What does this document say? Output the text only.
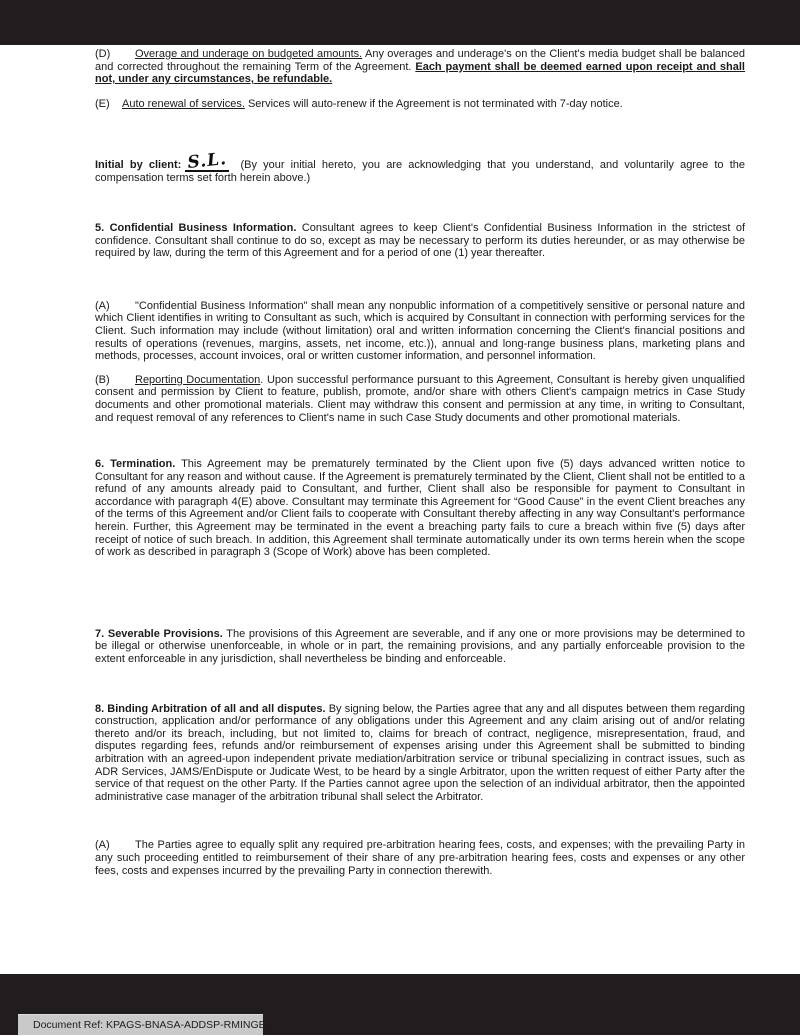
(D) Overage and underage on budgeted amounts. Any overages and underage's on the Client's media budget shall be balanced and corrected throughout the remaining Term of the Agreement. Each payment shall be deemed earned upon receipt and shall not, under any circumstances, be refundable.

(E) Auto renewal of services. Services will auto-renew if the Agreement is not terminated with 7-day notice.

Initial by client: S.L. (By your initial hereto, you are acknowledging that you understand, and voluntarily agree to the compensation terms set forth herein above.)

5. Confidential Business Information. Consultant agrees to keep Client's Confidential Business Information in the strictest of confidence. Consultant shall continue to do so, except as may be necessary to perform its duties hereunder, or as may otherwise be required by law, during the term of this Agreement and for a period of one (1) year thereafter.

(A) "Confidential Business Information" shall mean any nonpublic information of a competitively sensitive or personal nature and which Client identifies in writing to Consultant as such, which is acquired by Consultant in connection with performing services for the Client. Such information may include (without limitation) oral and written information concerning the Client's financial positions and results of operations (revenues, margins, assets, net income, etc.)), annual and long-range business plans, marketing plans and methods, processes, account invoices, oral or written customer information, and personnel information.

(B) Reporting Documentation. Upon successful performance pursuant to this Agreement, Consultant is hereby given unqualified consent and permission by Client to feature, publish, promote, and/or share with others Client's campaign metrics in Case Study documents and other promotional materials. Client may withdraw this consent and permission at any time, in writing to Consultant, and request removal of any references to Client's name in such Case Study documents and other promotional materials.

6. Termination. This Agreement may be prematurely terminated by the Client upon five (5) days advanced written notice to Consultant for any reason and without cause. If the Agreement is prematurely terminated by the Client, Client shall not be entitled to a refund of any amounts already paid to Consultant, and further, Client shall also be responsible for payment to Consultant in accordance with paragraph 4(E) above. Consultant may terminate this Agreement for “Good Cause” in the event Client breaches any of the terms of this Agreement and/or Client fails to cooperate with Consultant thereby affecting in any way Consultant's performance herein. Further, this Agreement may be terminated in the event a breaching party fails to cure a breach within five (5) days after receipt of notice of such breach. In addition, this Agreement shall terminate automatically under its own terms herein when the scope of work as described in paragraph 3 (Scope of Work) above has been completed.

7. Severable Provisions. The provisions of this Agreement are severable, and if any one or more provisions may be determined to be illegal or otherwise unenforceable, in whole or in part, the remaining provisions, and any partially enforceable provision to the extent enforceable in any jurisdiction, shall nevertheless be binding and enforceable.

8. Binding Arbitration of all and all disputes. By signing below, the Parties agree that any and all disputes between them regarding construction, application and/or performance of any obligations under this Agreement and any claim arising out of and/or relating thereto and/or its breach, including, but not limited to, claims for breach of contract, negligence, misrepresentation, fraud, and disputes regarding fees, refunds and/or reimbursement of expenses arising under this Agreement shall be submitted to binding arbitration with an agreed-upon independent private mediation/arbitration service or tribunal specializing in contract issues, such as ADR Services, JAMS/EnDispute or Judicate West, to be heard by a single Arbitrator, upon the written request of either Party after the service of that request on the other Party. If the Parties cannot agree upon the selection of an individual arbitrator, then the appointed administrative case manager of the arbitration tribunal shall select the Arbitrator.

(A) The Parties agree to equally split any required pre-arbitration hearing fees, costs, and expenses; with the prevailing Party in any such proceeding entitled to reimbursement of their share of any pre-arbitration hearing fees, costs and expenses or any other fees, costs and expenses incurred by the prevailing Party in connection therewith.

Document Ref: KPAGS-BNASA-ADDSP-RMINGE
